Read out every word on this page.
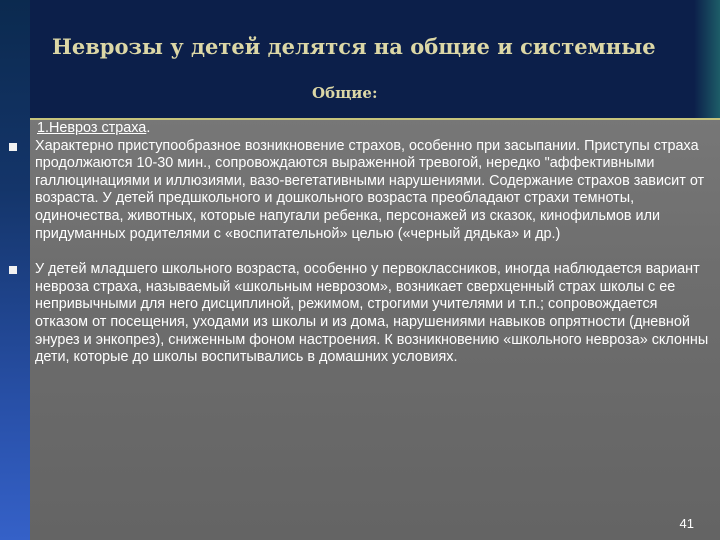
Неврозы у детей делятся на общие и системные
Общие:
1.Невроз страха.
Характерно приступообразное возникновение страхов, особенно при засыпании. Приступы страха продолжаются 10-30 мин., сопровождаются выраженной тревогой, нередко "аффективными галлюцинациями и иллюзиями, вазо-вегетативными нарушениями. Содержание страхов зависит от возраста. У детей предшкольного и дошкольного возраста преобладают страхи темноты, одиночества, животных, которые напугали ребенка, персонажей из сказок, кинофильмов или придуманных родителями с «воспитательной» целью («черный дядька» и др.)
У детей младшего школьного возраста, особенно у первоклассников, иногда наблюдается вариант невроза страха, называемый «школьным неврозом», возникает сверхценный страх школы с ее непривычными для него дисциплиной, режимом, строгими учителями и т.п.; сопровождается отказом от посещения, уходами из школы и из дома, нарушениями навыков опрятности (дневной энурез и энкопрез), сниженным фоном настроения. К возникновению «школьного невроза» склонны дети, которые до школы воспитывались в домашних условиях.
41
